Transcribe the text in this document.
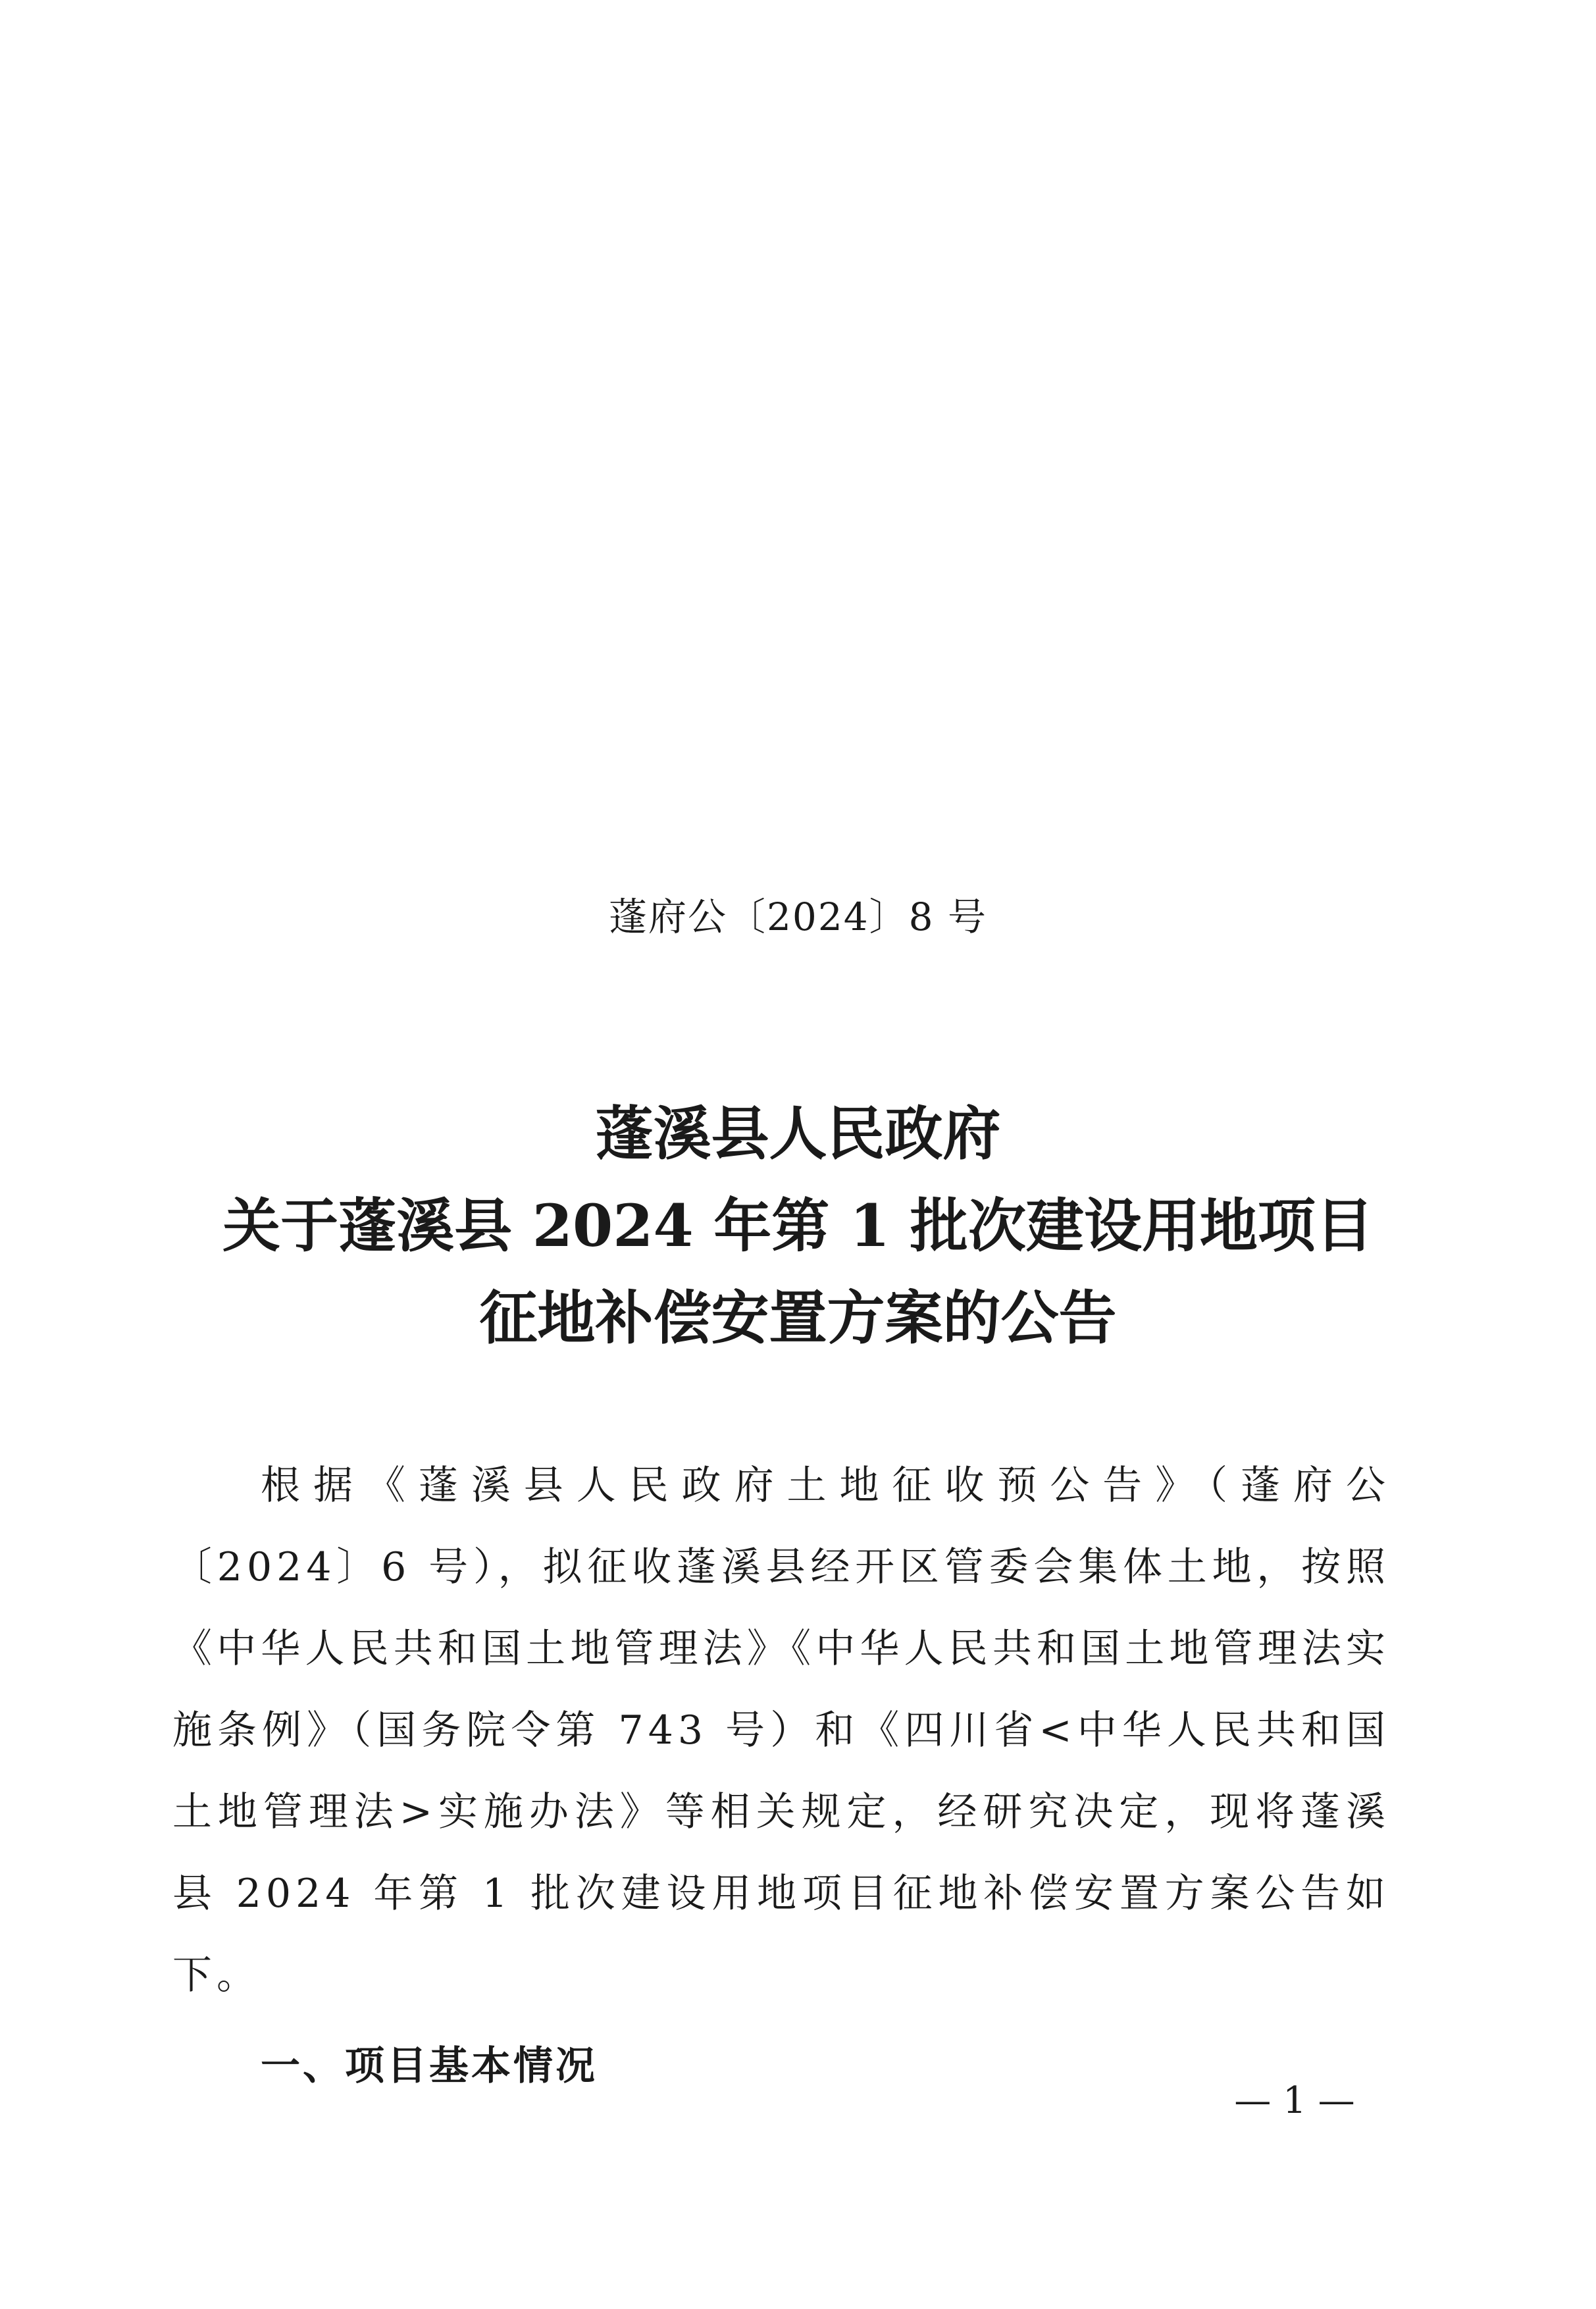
蓬府公〔2024〕8 号
蓬溪县人民政府
关于蓬溪县 2024 年第 1 批次建设用地项目
征地补偿安置方案的公告

根据《蓬溪县人民政府土地征收预公告》（蓬府公〔2024〕6 号），拟征收蓬溪县经开区管委会集体土地，按照《中华人民共和国土地管理法》《中华人民共和国土地管理法实施条例》（国务院令第 743 号）和《四川省<中华人民共和国土地管理法>实施办法》等相关规定，经研究决定，现将蓬溪县 2024 年第 1 批次建设用地项目征地补偿安置方案公告如下。

一、项目基本情况

— 1 —
